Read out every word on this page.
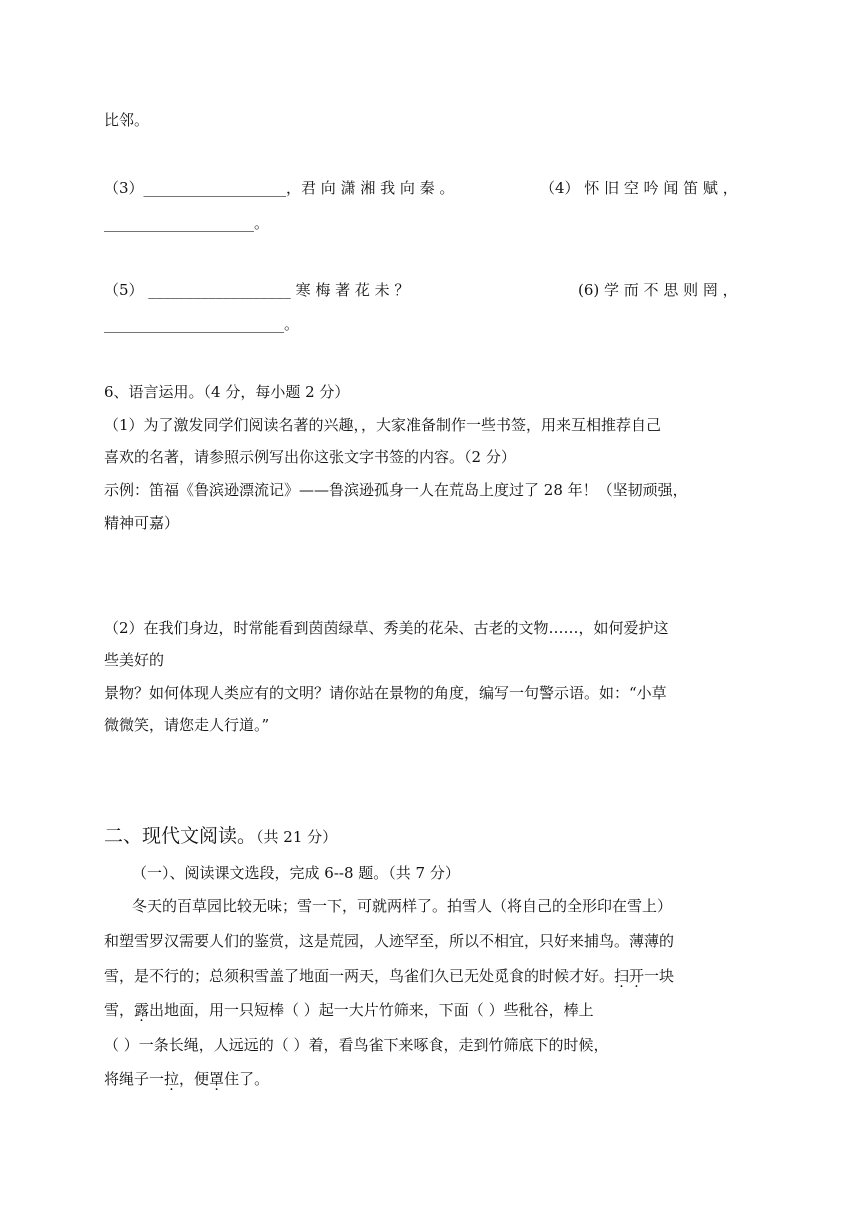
比邻。
（3）___________________，君 向 潇 湘 我 向 秦 。	（4） 怀 旧 空 吟 闻 笛 赋 ，
____________________。
（5） ___________________ 寒 梅 著 花 未 ？	(6) 学 而 不 思 则 罔 ，
________________________。
6、语言运用。（4 分，每小题 2 分）
（1）为了激发同学们阅读名著的兴趣，，大家准备制作一些书签，用来互相推荐自己
喜欢的名著，请参照示例写出你这张文字书签的内容。（2 分）
示例：笛福《鲁滨逊漂流记》——鲁滨逊孤身一人在荒岛上度过了 28 年！（坚韧顽强，
精神可嘉）
（2）在我们身边，时常能看到茵茵绿草、秀美的花朵、古老的文物……，如何爱护这
些美好的
景物？如何体现人类应有的文明？请你站在景物的角度，编写一句警示语。如：“小草
微微笑，请您走人行道。”
二、现代文阅读。（共 21 分）
（一）、阅读课文选段，完成 6--8 题。（共 7 分）
冬天的百草园比较无味；雪一下，可就两样了。拍雪人（将自己的全形印在雪上）
和塑雪罗汉需要人们的鉴赏，这是荒园，人迹罕至，所以不相宜，只好来捕鸟。薄薄的
雪，是不行的；总须积雪盖了地面一两天，鸟雀们久已无处觅食的时候才好。扫开一块
雪，露出地面，用一只短棒（ ）起一大片竹筛来，下面（ ）些秕谷，棒上
（ ）一条长绳，人远远的（ ）着，看鸟雀下来啄食，走到竹筛底下的时候，
将绳子一拉，便罩住了。
